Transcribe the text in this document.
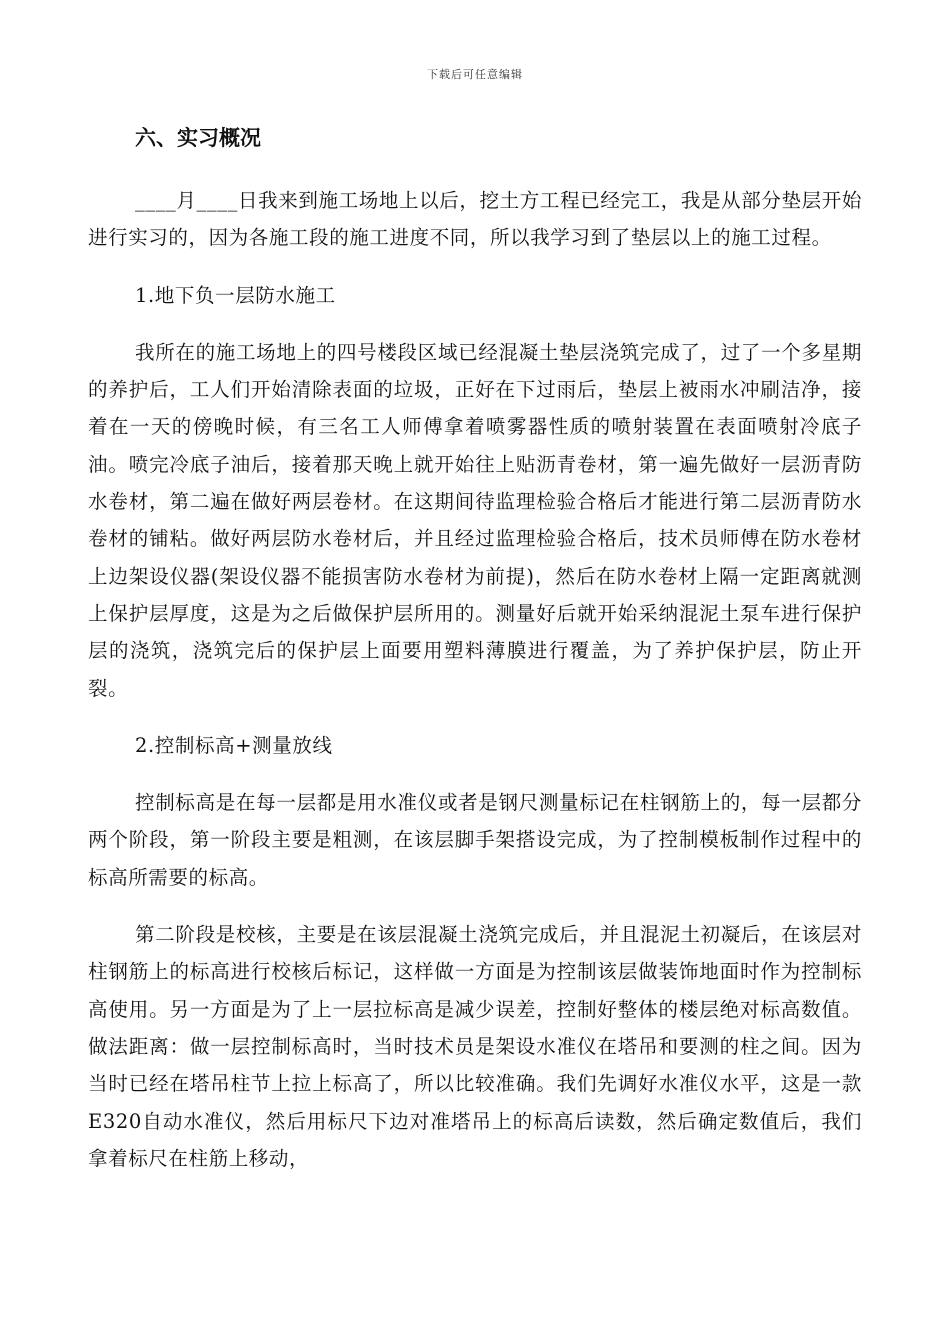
下载后可任意编辑
六、实习概况

____月____日我来到施工场地上以后，挖土方工程已经完工，我是从部分垫层开始进行实习的，因为各施工段的施工进度不同，所以我学习到了垫层以上的施工过程。

1.地下负一层防水施工

我所在的施工场地上的四号楼段区域已经混凝土垫层浇筑完成了，过了一个多星期的养护后，工人们开始清除表面的垃圾，正好在下过雨后，垫层上被雨水冲刷洁净，接着在一天的傍晚时候，有三名工人师傅拿着喷雾器性质的喷射装置在表面喷射冷底子油。喷完冷底子油后，接着那天晚上就开始往上贴沥青卷材，第一遍先做好一层沥青防水卷材，第二遍在做好两层卷材。在这期间待监理检验合格后才能进行第二层沥青防水卷材的铺粘。做好两层防水卷材后，并且经过监理检验合格后，技术员师傅在防水卷材上边架设仪器(架设仪器不能损害防水卷材为前提)，然后在防水卷材上隔一定距离就测上保护层厚度，这是为之后做保护层所用的。测量好后就开始采纳混泥土泵车进行保护层的浇筑，浇筑完后的保护层上面要用塑料薄膜进行覆盖，为了养护保护层，防止开裂。

2.控制标高+测量放线

控制标高是在每一层都是用水准仪或者是钢尺测量标记在柱钢筋上的，每一层都分两个阶段，第一阶段主要是粗测，在该层脚手架搭设完成，为了控制模板制作过程中的标高所需要的标高。

第二阶段是校核，主要是在该层混凝土浇筑完成后，并且混泥土初凝后，在该层对柱钢筋上的标高进行校核后标记，这样做一方面是为控制该层做装饰地面时作为控制标高使用。另一方面是为了上一层拉标高是减少误差，控制好整体的楼层绝对标高数值。做法距离：做一层控制标高时，当时技术员是架设水准仪在塔吊和要测的柱之间。因为当时已经在塔吊柱节上拉上标高了，所以比较准确。我们先调好水准仪水平，这是一款E320自动水准仪，然后用标尺下边对准塔吊上的标高后读数，然后确定数值后，我们拿着标尺在柱筋上移动，
